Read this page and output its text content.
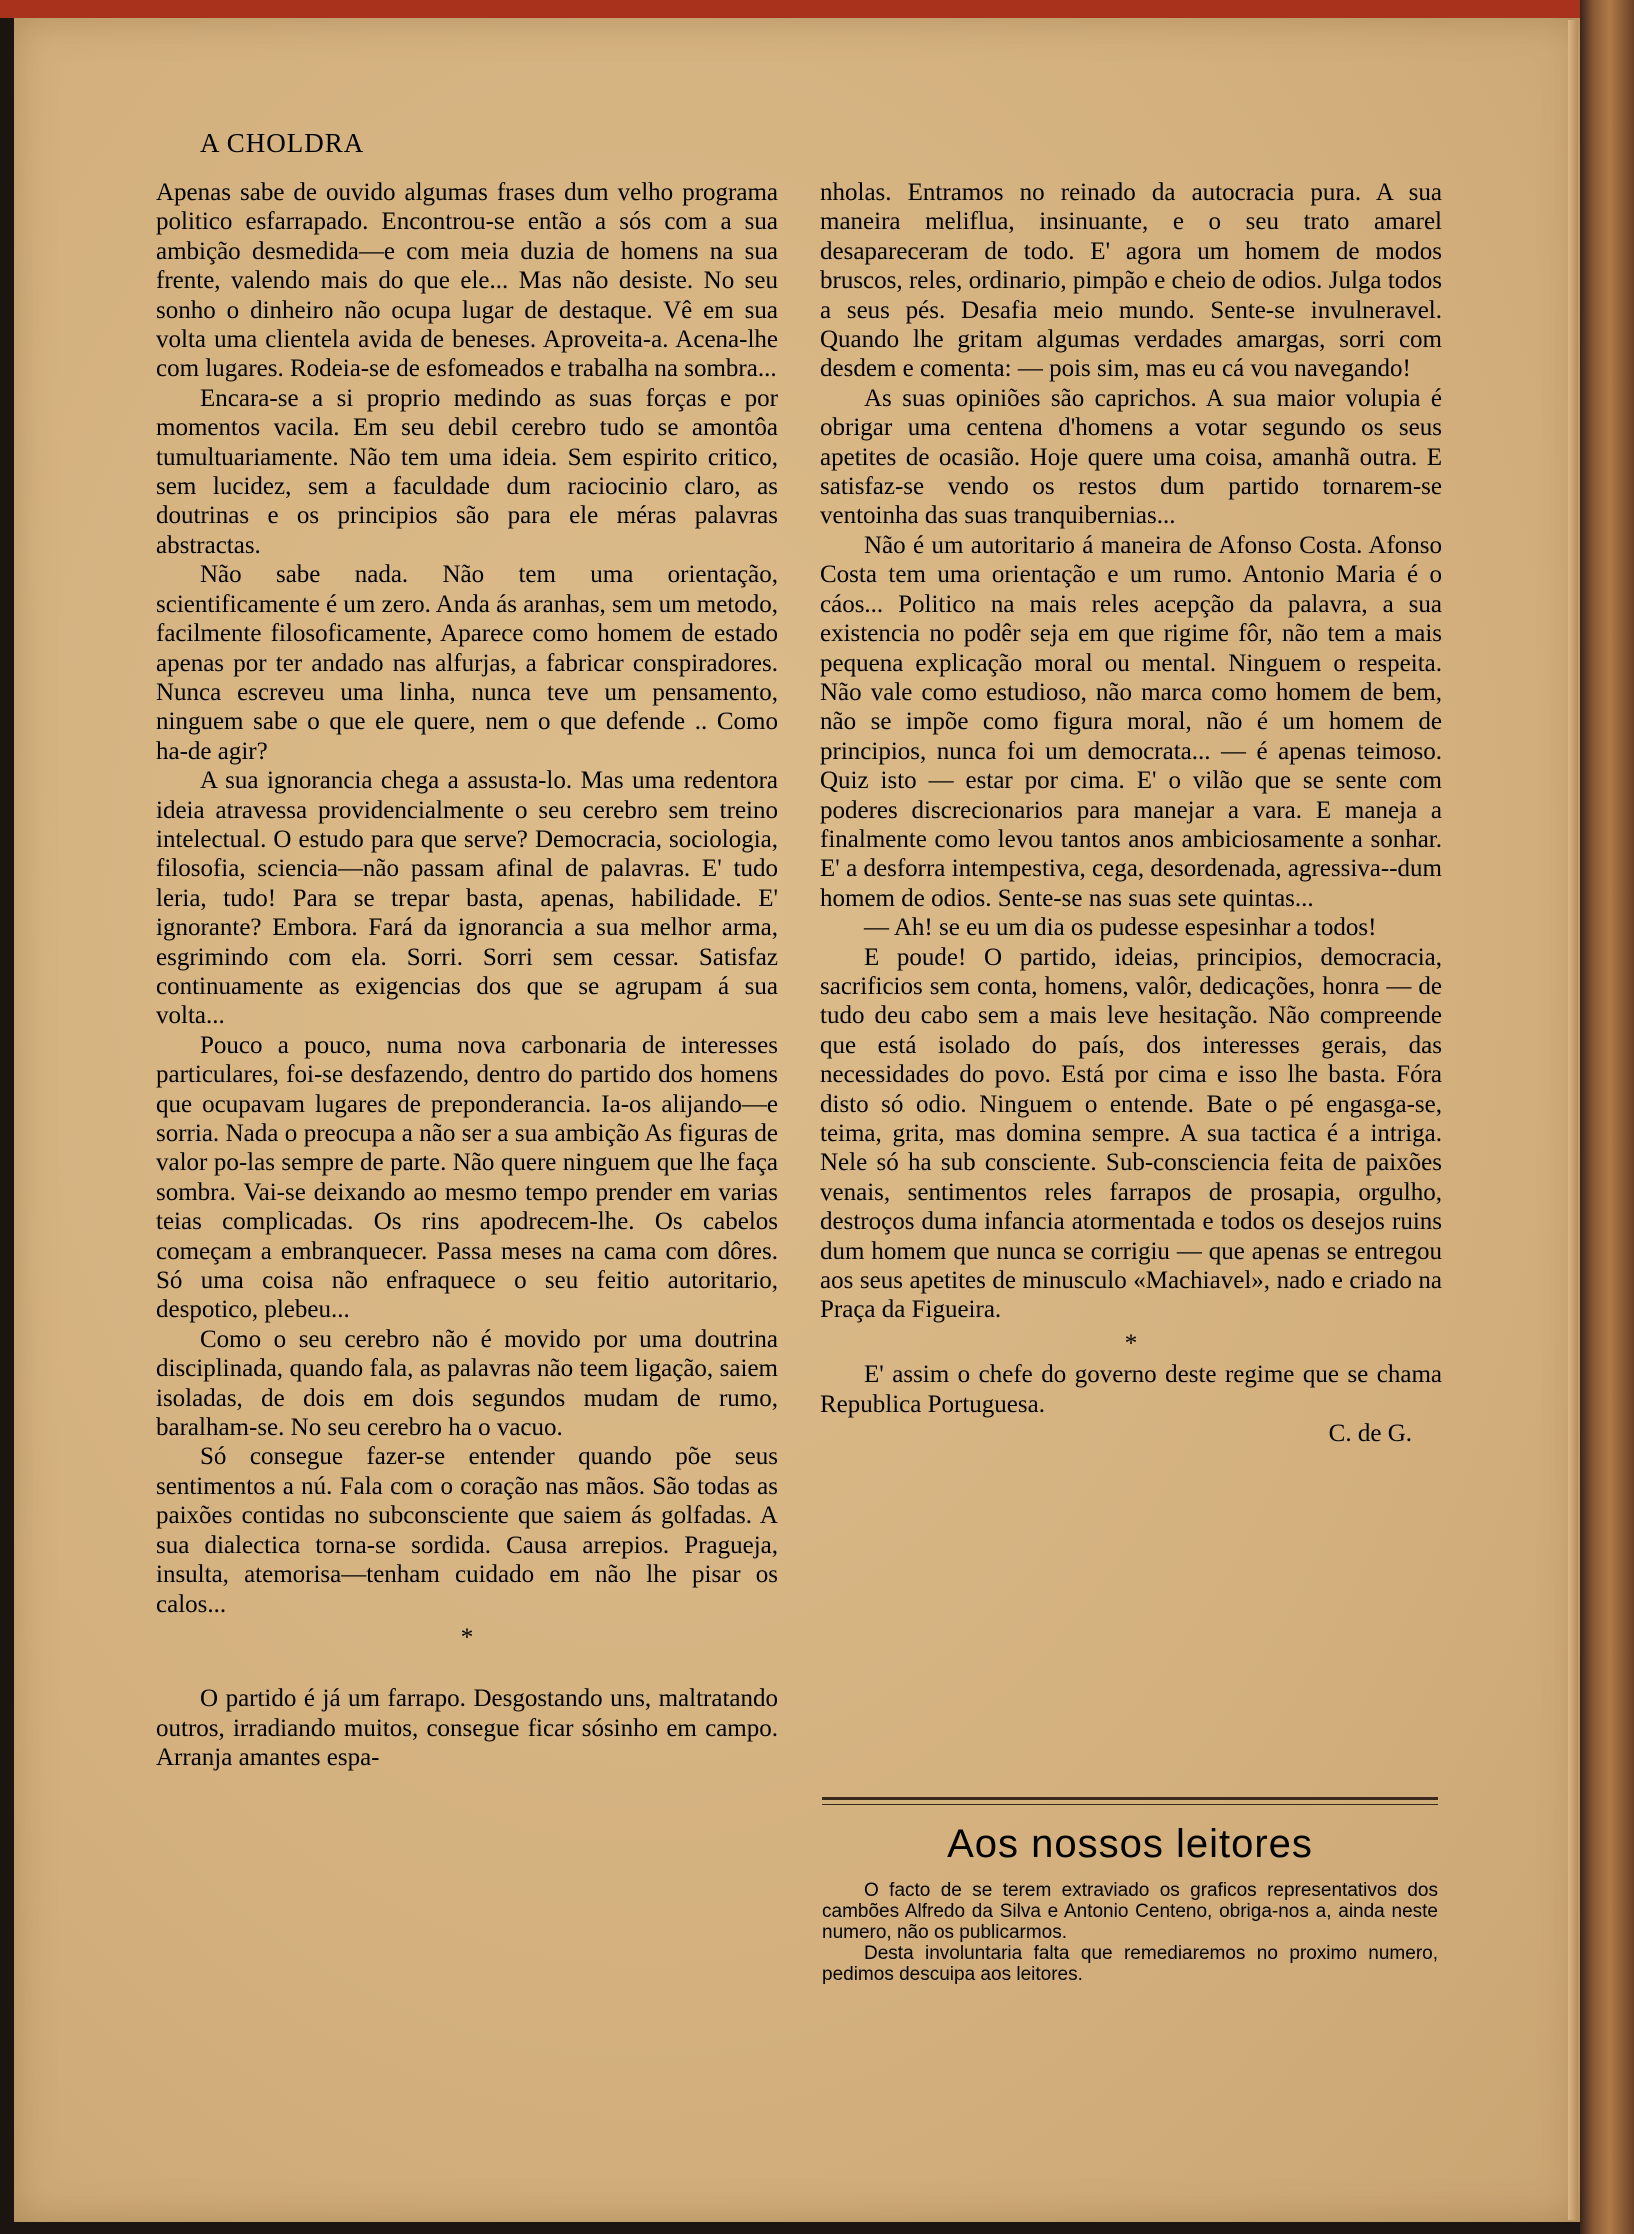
A CHOLDRA

Apenas sabe de ouvido algumas frases dum velho programa politico esfarrapado. Encontrou-se então a sós com a sua ambição desmedida—e com meia duzia de homens na sua frente, valendo mais do que ele... Mas não desiste. No seu sonho o dinheiro não ocupa lugar de destaque. Vê em sua volta uma clientela avida de beneses. Aproveita-a. Acena-lhe com lugares. Rodeia-se de esfomeados e trabalha na sombra...

Encara-se a si proprio medindo as suas forças e por momentos vacila. Em seu debil cerebro tudo se amontôa tumultuariamente. Não tem uma ideia. Sem espirito critico, sem lucidez, sem a faculdade dum raciocinio claro, as doutrinas e os principios são para ele méras palavras abstractas.

Não sabe nada. Não tem uma orientação, scientificamente é um zero. Anda ás aranhas, sem um metodo, facilmente filosoficamente, Aparece como homem de estado apenas por ter andado nas alfurjas, a fabricar conspiradores. Nunca escreveu uma linha, nunca teve um pensamento, ninguem sabe o que ele quere, nem o que defende .. Como ha-de agir?

A sua ignorancia chega a assusta-lo. Mas uma redentora ideia atravessa providencialmente o seu cerebro sem treino intelectual. O estudo para que serve? Democracia, sociologia, filosofia, sciencia—não passam afinal de palavras. E' tudo leria, tudo! Para se trepar basta, apenas, habilidade. E' ignorante? Embora. Fará da ignorancia a sua melhor arma, esgrimindo com ela. Sorri. Sorri sem cessar. Satisfaz continuamente as exigencias dos que se agrupam á sua volta...

Pouco a pouco, numa nova carbonaria de interesses particulares, foi-se desfazendo, dentro do partido dos homens que ocupavam lugares de preponderancia. Ia-os alijando—e sorria. Nada o preocupa a não ser a sua ambição As figuras de valor po-las sempre de parte. Não quere ninguem que lhe faça sombra. Vai-se deixando ao mesmo tempo prender em varias teias complicadas. Os rins apodrecem-lhe. Os cabelos começam a embranquecer. Passa meses na cama com dôres. Só uma coisa não enfraquece o seu feitio autoritario, despotico, plebeu...

Como o seu cerebro não é movido por uma doutrina disciplinada, quando fala, as palavras não teem ligação, saiem isoladas, de dois em dois segundos mudam de rumo, baralham-se. No seu cerebro ha o vacuo.

Só consegue fazer-se entender quando põe seus sentimentos a nú. Fala com o coração nas mãos. São todas as paixões contidas no subconsciente que saiem ás golfadas. A sua dialectica torna-se sordida. Causa arrepios. Pragueja, insulta, atemorisa—tenham cuidado em não lhe pisar os calos...

*

O partido é já um farrapo. Desgostando uns, maltratando outros, irradiando muitos, consegue ficar sósinho em campo. Arranja amantes espa-

nholas. Entramos no reinado da autocracia pura. A sua maneira meliflua, insinuante, e o seu trato amarel desapareceram de todo. E' agora um homem de modos bruscos, reles, ordinario, pimpão e cheio de odios. Julga todos a seus pés. Desafia meio mundo. Sente-se invulneravel. Quando lhe gritam algumas verdades amargas, sorri com desdem e comenta: — pois sim, mas eu cá vou navegando!

As suas opiniões são caprichos. A sua maior volupia é obrigar uma centena d'homens a votar segundo os seus apetites de ocasião. Hoje quere uma coisa, amanhã outra. E satisfaz-se vendo os restos dum partido tornarem-se ventoinha das suas tranquibernias...

Não é um autoritario á maneira de Afonso Costa. Afonso Costa tem uma orientação e um rumo. Antonio Maria é o cáos... Politico na mais reles acepção da palavra, a sua existencia no podêr seja em que rigime fôr, não tem a mais pequena explicação moral ou mental. Ninguem o respeita. Não vale como estudioso, não marca como homem de bem, não se impõe como figura moral, não é um homem de principios, nunca foi um democrata... — é apenas teimoso. Quiz isto — estar por cima. E' o vilão que se sente com poderes discrecionarios para manejar a vara. E maneja a finalmente como levou tantos anos ambiciosamente a sonhar. E' a desforra intempestiva, cega, desordenada, agressiva--dum homem de odios. Sente-se nas suas sete quintas...

— Ah! se eu um dia os pudesse espesinhar a todos!

E poude! O partido, ideias, principios, democracia, sacrificios sem conta, homens, valôr, dedicações, honra — de tudo deu cabo sem a mais leve hesitação. Não compreende que está isolado do país, dos interesses gerais, das necessidades do povo. Está por cima e isso lhe basta. Fóra disto só odio. Ninguem o entende. Bate o pé engasga-se, teima, grita, mas domina sempre. A sua tactica é a intriga. Nele só ha sub consciente. Sub-consciencia feita de paixões venais, sentimentos reles farrapos de prosapia, orgulho, destroços duma infancia atormentada e todos os desejos ruins dum homem que nunca se corrigiu — que apenas se entregou aos seus apetites de minusculo «Machiavel», nado e criado na Praça da Figueira.

*

E' assim o chefe do governo deste regime que se chama Republica Portuguesa.

C. de G.

Aos nossos leitores

O facto de se terem extraviado os graficos representativos dos cambões Alfredo da Silva e Antonio Centeno, obriga-nos a, ainda neste numero, não os publicarmos.

Desta involuntaria falta que remediaremos no proximo numero, pedimos descuipa aos leitores.
